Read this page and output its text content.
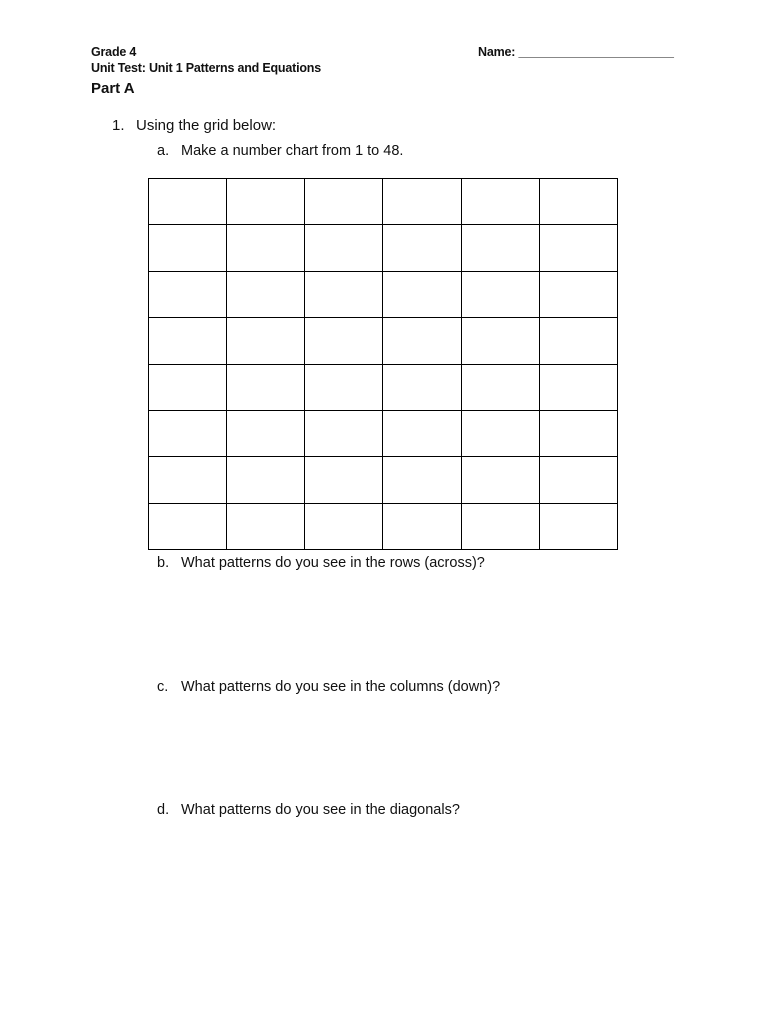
Grade 4
Unit Test: Unit 1 Patterns and Equations
Name: _______________________
Part A
1. Using the grid below:
a. Make a number chart from 1 to 48.
b. What patterns do you see in the rows (across)?
c. What patterns do you see in the columns (down)?
d. What patterns do you see in the diagonals?
